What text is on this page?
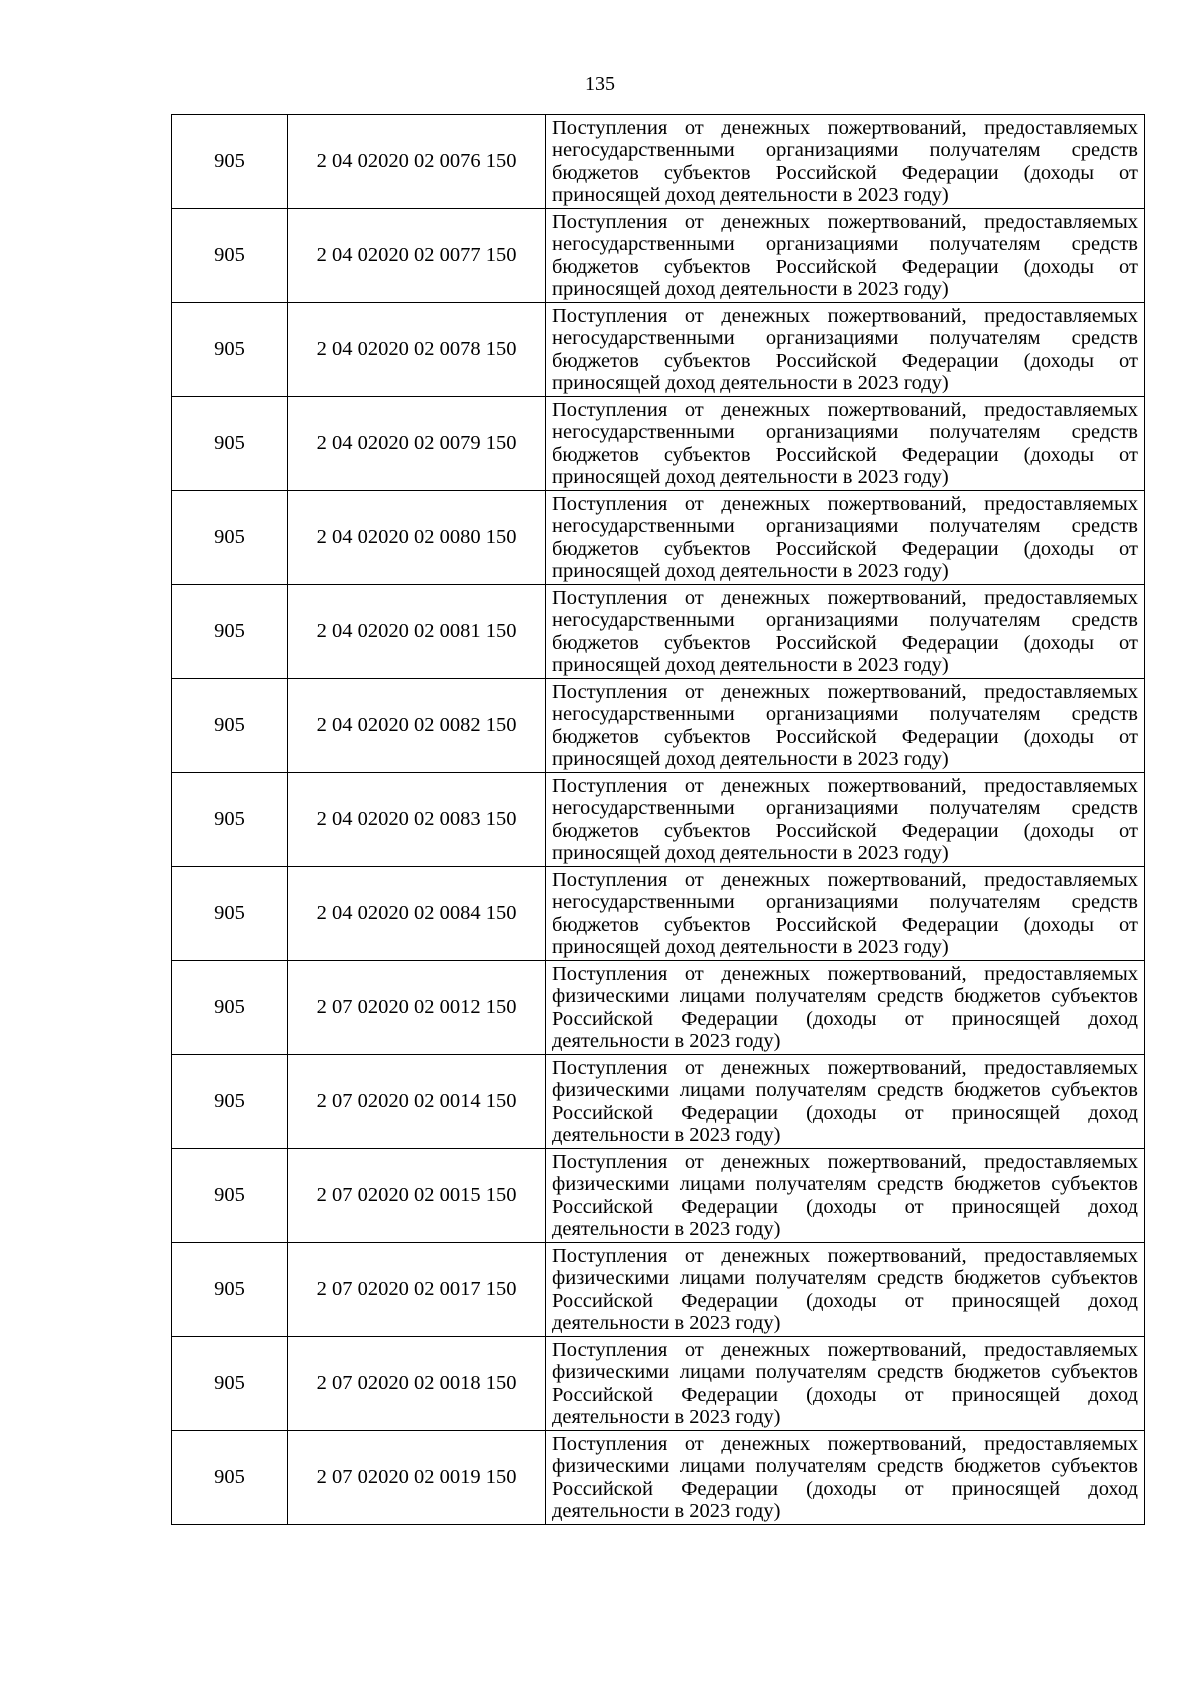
135
905	2 04 02020 02 0076 150	Поступления от денежных пожертвований, предоставляемых негосударственными организациями получателям средств бюджетов субъектов Российской Федерации (доходы от приносящей доход деятельности в 2023 году)
905	2 04 02020 02 0077 150	Поступления от денежных пожертвований, предоставляемых негосударственными организациями получателям средств бюджетов субъектов Российской Федерации (доходы от приносящей доход деятельности в 2023 году)
905	2 04 02020 02 0078 150	Поступления от денежных пожертвований, предоставляемых негосударственными организациями получателям средств бюджетов субъектов Российской Федерации (доходы от приносящей доход деятельности в 2023 году)
905	2 04 02020 02 0079 150	Поступления от денежных пожертвований, предоставляемых негосударственными организациями получателям средств бюджетов субъектов Российской Федерации (доходы от приносящей доход деятельности в 2023 году)
905	2 04 02020 02 0080 150	Поступления от денежных пожертвований, предоставляемых негосударственными организациями получателям средств бюджетов субъектов Российской Федерации (доходы от приносящей доход деятельности в 2023 году)
905	2 04 02020 02 0081 150	Поступления от денежных пожертвований, предоставляемых негосударственными организациями получателям средств бюджетов субъектов Российской Федерации (доходы от приносящей доход деятельности в 2023 году)
905	2 04 02020 02 0082 150	Поступления от денежных пожертвований, предоставляемых негосударственными организациями получателям средств бюджетов субъектов Российской Федерации (доходы от приносящей доход деятельности в 2023 году)
905	2 04 02020 02 0083 150	Поступления от денежных пожертвований, предоставляемых негосударственными организациями получателям средств бюджетов субъектов Российской Федерации (доходы от приносящей доход деятельности в 2023 году)
905	2 04 02020 02 0084 150	Поступления от денежных пожертвований, предоставляемых негосударственными организациями получателям средств бюджетов субъектов Российской Федерации (доходы от приносящей доход деятельности в 2023 году)
905	2 07 02020 02 0012 150	Поступления от денежных пожертвований, предоставляемых физическими лицами получателям средств бюджетов субъектов Российской Федерации (доходы от приносящей доход деятельности в 2023 году)
905	2 07 02020 02 0014 150	Поступления от денежных пожертвований, предоставляемых физическими лицами получателям средств бюджетов субъектов Российской Федерации (доходы от приносящей доход деятельности в 2023 году)
905	2 07 02020 02 0015 150	Поступления от денежных пожертвований, предоставляемых физическими лицами получателям средств бюджетов субъектов Российской Федерации (доходы от приносящей доход деятельности в 2023 году)
905	2 07 02020 02 0017 150	Поступления от денежных пожертвований, предоставляемых физическими лицами получателям средств бюджетов субъектов Российской Федерации (доходы от приносящей доход деятельности в 2023 году)
905	2 07 02020 02 0018 150	Поступления от денежных пожертвований, предоставляемых физическими лицами получателям средств бюджетов субъектов Российской Федерации (доходы от приносящей доход деятельности в 2023 году)
905	2 07 02020 02 0019 150	Поступления от денежных пожертвований, предоставляемых физическими лицами получателям средств бюджетов субъектов Российской Федерации (доходы от приносящей доход деятельности в 2023 году)
